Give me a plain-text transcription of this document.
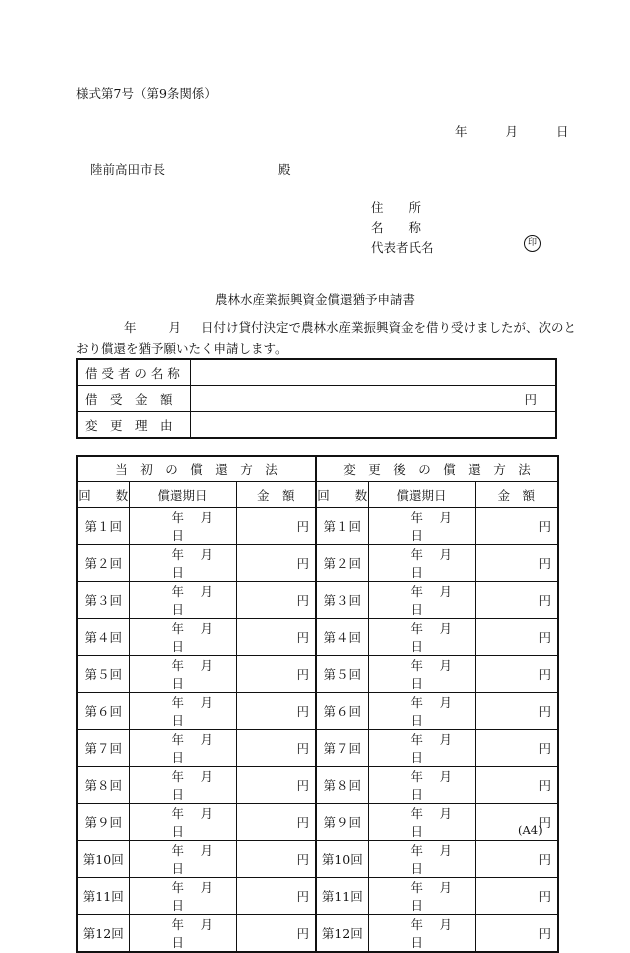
様式第7号（第9条関係）
年	月	日
陸前高田市長	殿
住　　所
名　　称
代表者氏名	印
農林水産業振興資金償還猶予申請書
年	月 日付け貸付決定で農林水産業振興資金を借り受けましたが、次のと
おり償還を猶予願いたく申請します。
借 受 者 の 名 称	
借　受　金　額	円
変　更　理　由	
当　初　の　償　還　方　法			変　更　後　の　償　還　方　法		
回　　数	償還期日	金　額	回　　数	償還期日	金　額
第１回	年　 月　 日	円	第１回	年　 月　 日	円
第２回	年　 月　 日	円	第２回	年　 月　 日	円
第３回	年　 月　 日	円	第３回	年　 月　 日	円
第４回	年　 月　 日	円	第４回	年　 月　 日	円
第５回	年　 月　 日	円	第５回	年　 月　 日	円
第６回	年　 月　 日	円	第６回	年　 月　 日	円
第７回	年　 月　 日	円	第７回	年　 月　 日	円
第８回	年　 月　 日	円	第８回	年　 月　 日	円
第９回	年　 月　 日	円	第９回	年　 月　 日	円
第10回	年　 月　 日	円	第10回	年　 月　 日	円
第11回	年　 月　 日	円	第11回	年　 月　 日	円
第12回	年　 月　 日	円	第12回	年　 月　 日	円
(A4)
